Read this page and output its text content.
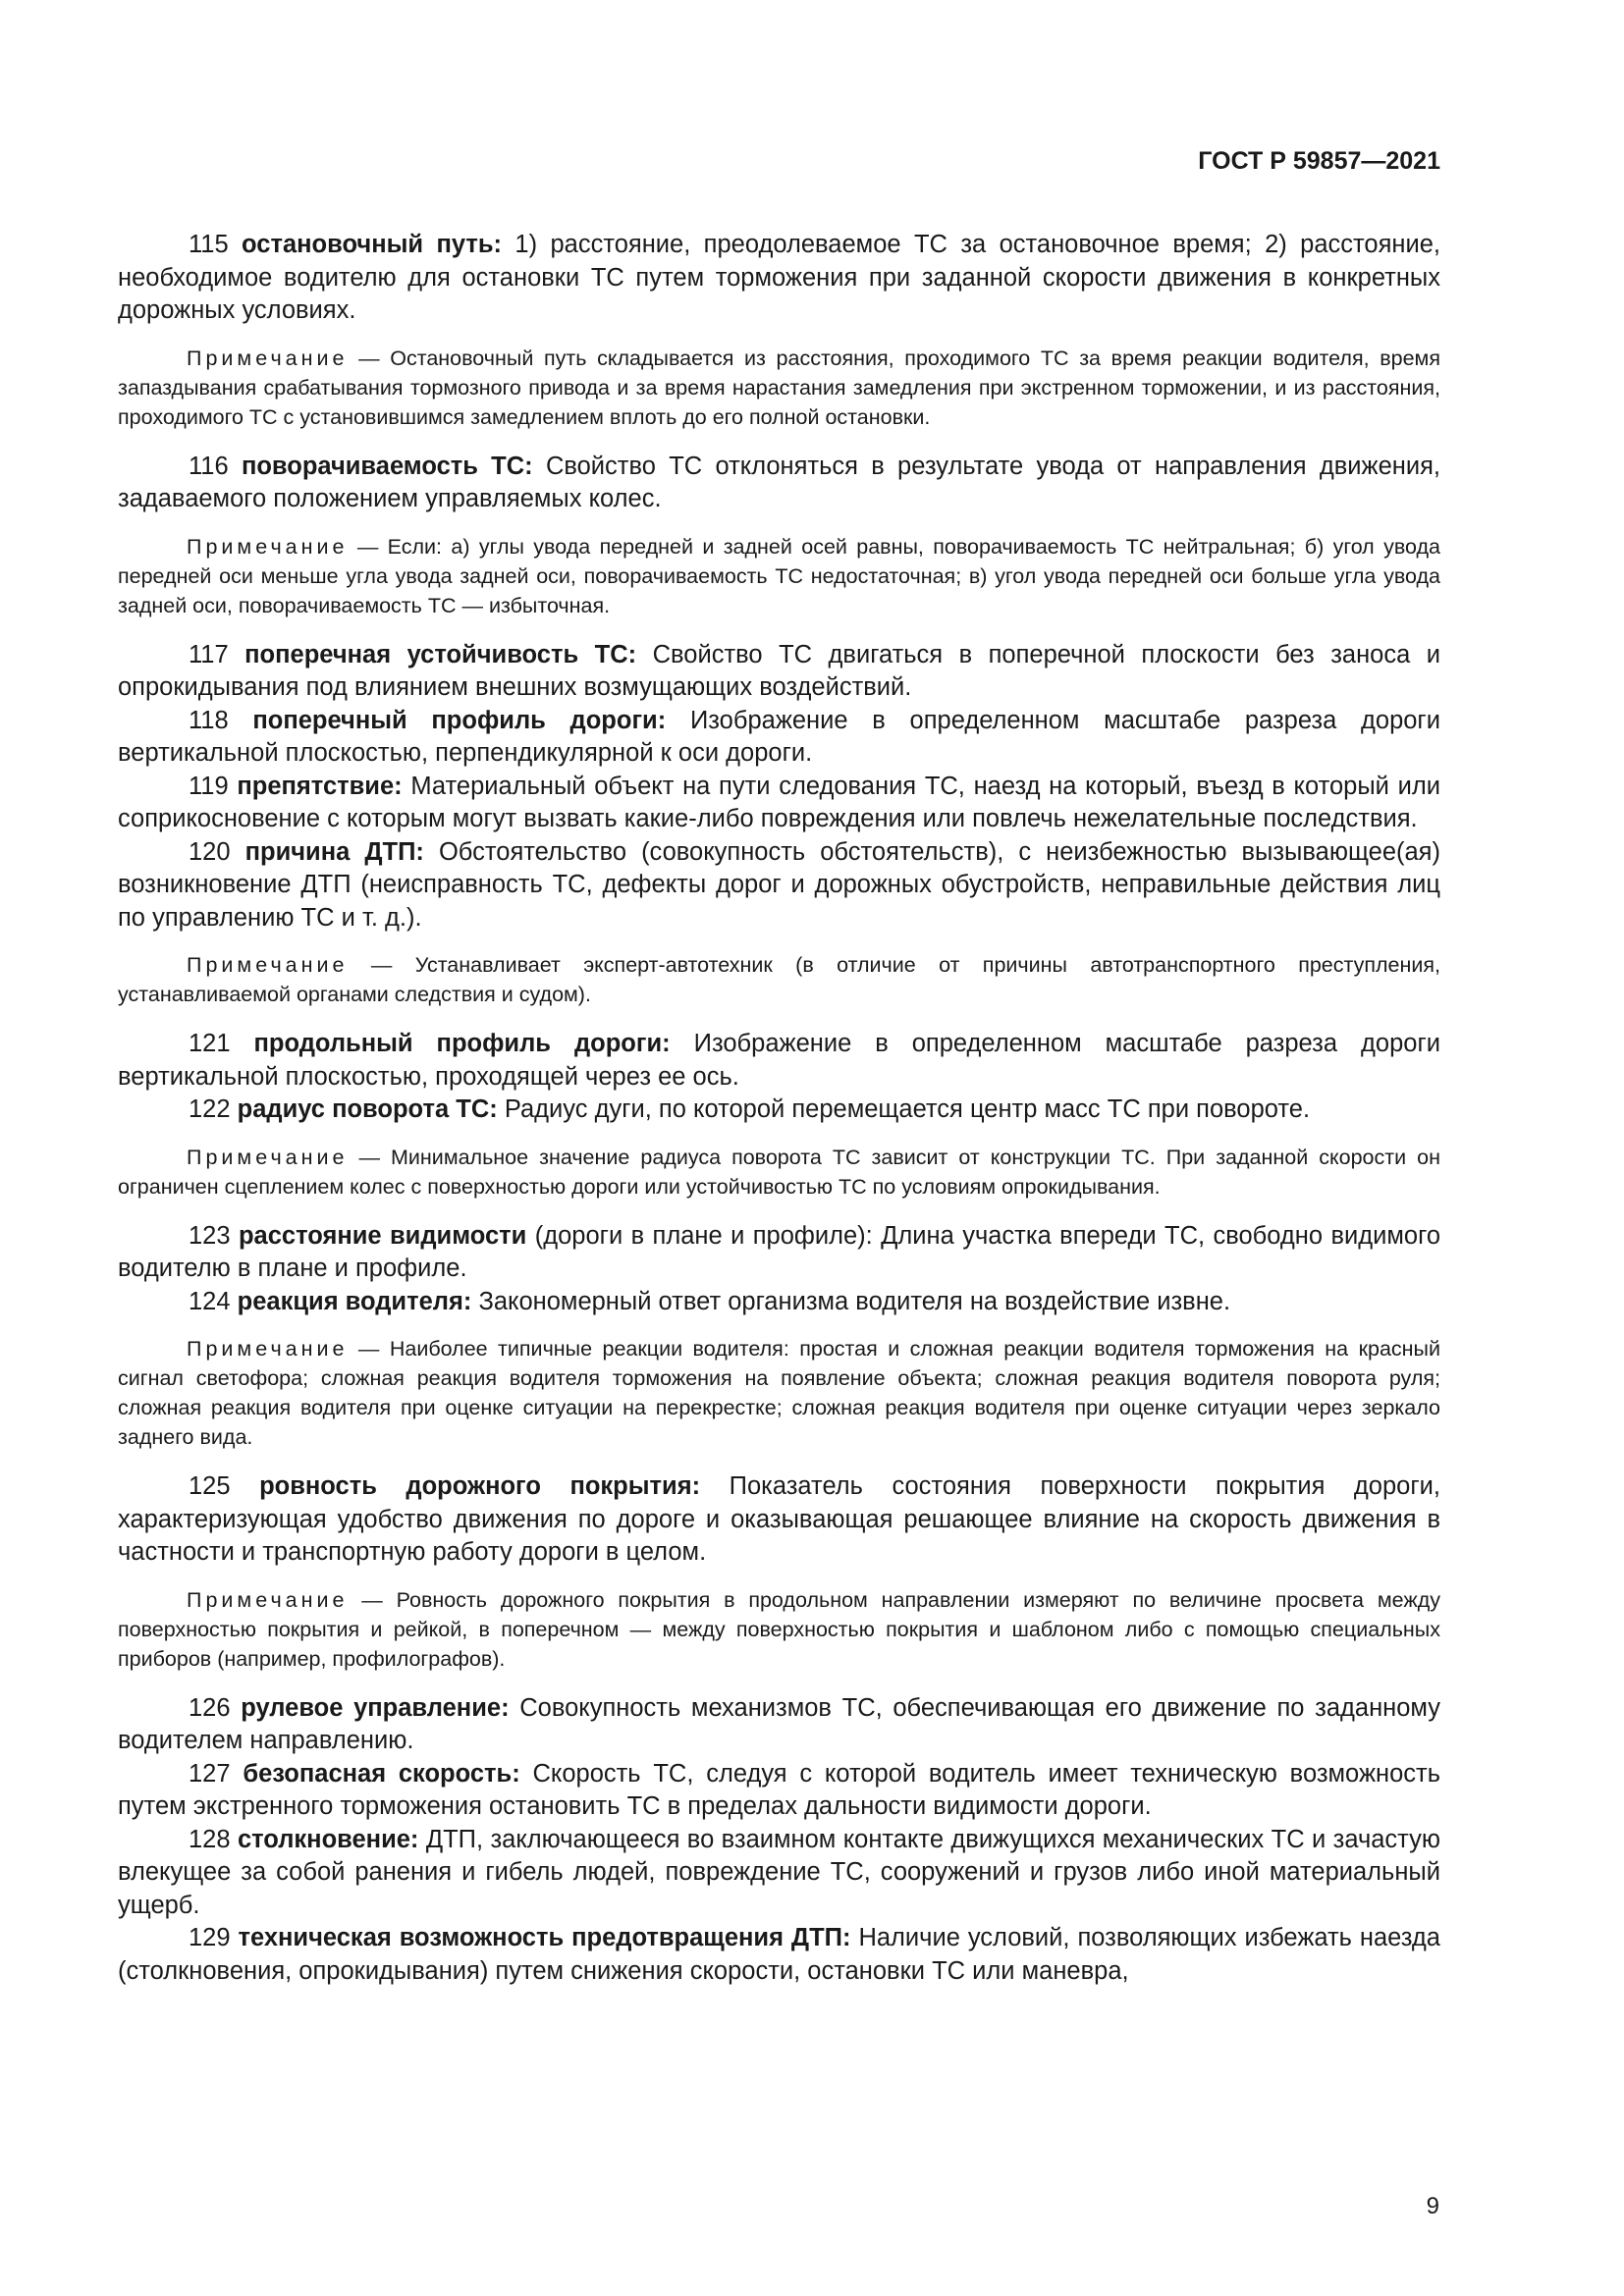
ГОСТ Р 59857—2021

115 остановочный путь: 1) расстояние, преодолеваемое ТС за остановочное время; 2) расстояние, необходимое водителю для остановки ТС путем торможения при заданной скорости движения в конкретных дорожных условиях.

Примечание — Остановочный путь складывается из расстояния, проходимого ТС за время реакции водителя, время запаздывания срабатывания тормозного привода и за время нарастания замедления при экстренном торможении, и из расстояния, проходимого ТС с установившимся замедлением вплоть до его полной остановки.

116 поворачиваемость ТС: Свойство ТС отклоняться в результате увода от направления движения, задаваемого положением управляемых колес.

Примечание — Если: а) углы увода передней и задней осей равны, поворачиваемость ТС нейтральная; б) угол увода передней оси меньше угла увода задней оси, поворачиваемость ТС недостаточная; в) угол увода передней оси больше угла увода задней оси, поворачиваемость ТС — избыточная.

117 поперечная устойчивость ТС: Свойство ТС двигаться в поперечной плоскости без заноса и опрокидывания под влиянием внешних возмущающих воздействий.

118 поперечный профиль дороги: Изображение в определенном масштабе разреза дороги вертикальной плоскостью, перпендикулярной к оси дороги.

119 препятствие: Материальный объект на пути следования ТС, наезд на который, въезд в который или соприкосновение с которым могут вызвать какие-либо повреждения или повлечь нежелательные последствия.

120 причина ДТП: Обстоятельство (совокупность обстоятельств), с неизбежностью вызывающее(ая) возникновение ДТП (неисправность ТС, дефекты дорог и дорожных обустройств, неправильные действия лиц по управлению ТС и т. д.).

Примечание — Устанавливает эксперт-автотехник (в отличие от причины автотранспортного преступления, устанавливаемой органами следствия и судом).

121 продольный профиль дороги: Изображение в определенном масштабе разреза дороги вертикальной плоскостью, проходящей через ее ось.

122 радиус поворота ТС: Радиус дуги, по которой перемещается центр масс ТС при повороте.

Примечание — Минимальное значение радиуса поворота ТС зависит от конструкции ТС. При заданной скорости он ограничен сцеплением колес с поверхностью дороги или устойчивостью ТС по условиям опрокидывания.

123 расстояние видимости (дороги в плане и профиле): Длина участка впереди ТС, свободно видимого водителю в плане и профиле.

124 реакция водителя: Закономерный ответ организма водителя на воздействие извне.

Примечание — Наиболее типичные реакции водителя: простая и сложная реакции водителя торможения на красный сигнал светофора; сложная реакция водителя торможения на появление объекта; сложная реакция водителя поворота руля; сложная реакция водителя при оценке ситуации на перекрестке; сложная реакция водителя при оценке ситуации через зеркало заднего вида.

125 ровность дорожного покрытия: Показатель состояния поверхности покрытия дороги, характеризующая удобство движения по дороге и оказывающая решающее влияние на скорость движения в частности и транспортную работу дороги в целом.

Примечание — Ровность дорожного покрытия в продольном направлении измеряют по величине просвета между поверхностью покрытия и рейкой, в поперечном — между поверхностью покрытия и шаблоном либо с помощью специальных приборов (например, профилографов).

126 рулевое управление: Совокупность механизмов ТС, обеспечивающая его движение по заданному водителем направлению.

127 безопасная скорость: Скорость ТС, следуя с которой водитель имеет техническую возможность путем экстренного торможения остановить ТС в пределах дальности видимости дороги.

128 столкновение: ДТП, заключающееся во взаимном контакте движущихся механических ТС и зачастую влекущее за собой ранения и гибель людей, повреждение ТС, сооружений и грузов либо иной материальный ущерб.

129 техническая возможность предотвращения ДТП: Наличие условий, позволяющих избежать наезда (столкновения, опрокидывания) путем снижения скорости, остановки ТС или маневра,

9
